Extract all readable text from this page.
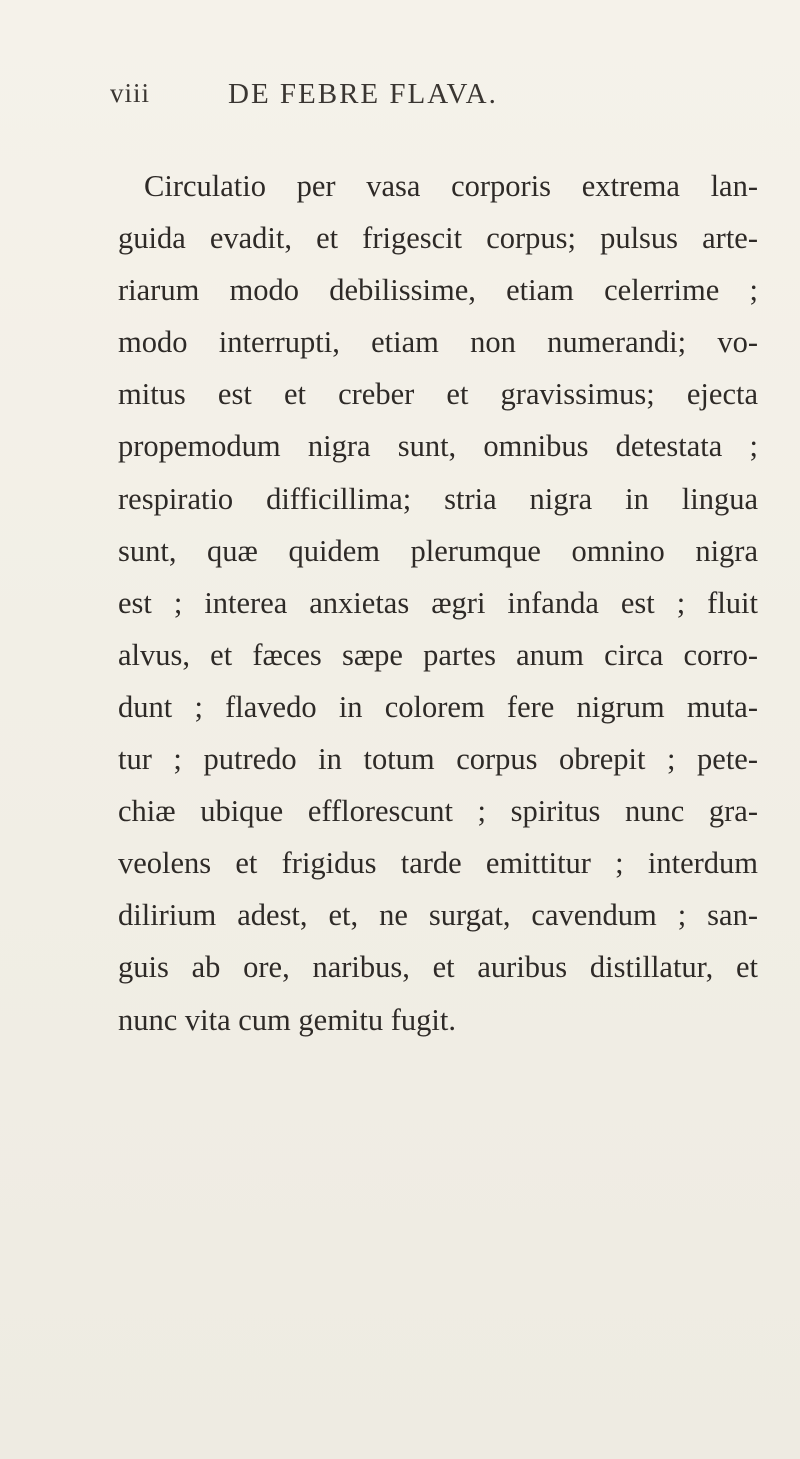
viii	DE FEBRE FLAVA.

Circulatio per vasa corporis extrema lan-
guida evadit, et frigescit corpus; pulsus arte-
riarum modo debilissime, etiam celerrime ;
modo interrupti, etiam non numerandi; vo-
mitus est et creber et gravissimus; ejecta
propemodum nigra sunt, omnibus detestata ;
respiratio difficillima; stria nigra in lingua
sunt, quæ quidem plerumque omnino nigra
est ; interea anxietas ægri infanda est ; fluit
alvus, et fæces sæpe partes anum circa corro-
dunt ; flavedo in colorem fere nigrum muta-
tur ; putredo in totum corpus obrepit ; pete-
chiæ ubique efflorescunt ; spiritus nunc gra-
veolens et frigidus tarde emittitur ; interdum
dilirium adest, et, ne surgat, cavendum ; san-
guis ab ore, naribus, et auribus distillatur, et
nunc vita cum gemitu fugit.
